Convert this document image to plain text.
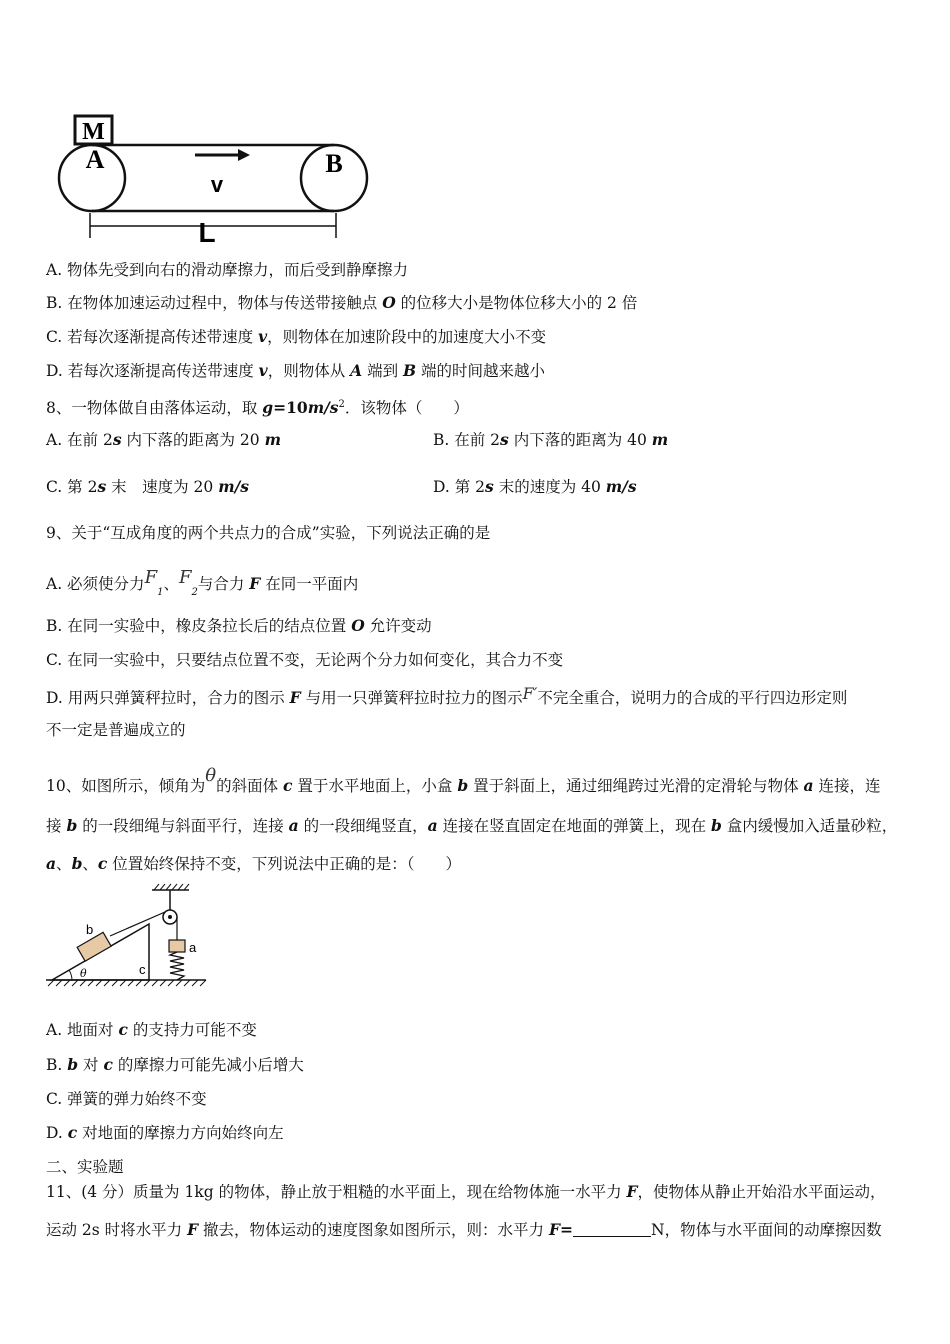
M
A	B
v
L
A. 物体先受到向右的滑动摩擦力，而后受到静摩擦力
B. 在物体加速运动过程中，物体与传送带接触点 O 的位移大小是物体位移大小的 2 倍
C. 若每次逐渐提高传述带速度 v，则物体在加速阶段中的加速度大小不变
D. 若每次逐渐提高传送带速度 v，则物体从 A 端到 B 端的时间越来越小
8、一物体做自由落体运动，取 $g=10m/s^2$．该物体（　　）
A. 在前 2s 内下落的距离为 20 m	B. 在前 2s 内下落的距离为 40 m
C. 第 2s 末　速度为 20 m/s	D. 第 2s 末的速度为 40 m/s
9、关于“互成角度的两个共点力的合成”实验，下列说法正确的是
A. 必须使分力$F_1$、$F_2$与合力 F 在同一平面内
B. 在同一实验中，橡皮条拉长后的结点位置 O 允许变动
C. 在同一实验中，只要结点位置不变，无论两个分力如何变化，其合力不变
D. 用两只弹簧秤拉时，合力的图示 F 与用一只弹簧秤拉时拉力的图示F′不完全重合，说明力的合成的平行四边形定则
不一定是普遍成立的
10、如图所示，倾角为θ的斜面体 c 置于水平地面上，小盒 b 置于斜面上，通过细绳跨过光滑的定滑轮与物体 a 连接，连
接 b 的一段细绳与斜面平行，连接 a 的一段细绳竖直，a 连接在竖直固定在地面的弹簧上，现在 b 盒内缓慢加入适量砂粒，
a、b、c 位置始终保持不变，下列说法中正确的是：（　　）
θ
b
a
c
A. 地面对 c 的支持力可能不变
B. b 对 c 的摩擦力可能先减小后增大
C. 弹簧的弹力始终不变
D. c 对地面的摩擦力方向始终向左
二、实验题
11、(4 分）质量为 1kg 的物体，静止放于粗糙的水平面上，现在给物体施一水平力 F，使物体从静止开始沿水平面运动，
运动 2s 时将水平力 F 撤去，物体运动的速度图象如图所示，则：水平力 F=	N，物体与水平面间的动摩擦因数
